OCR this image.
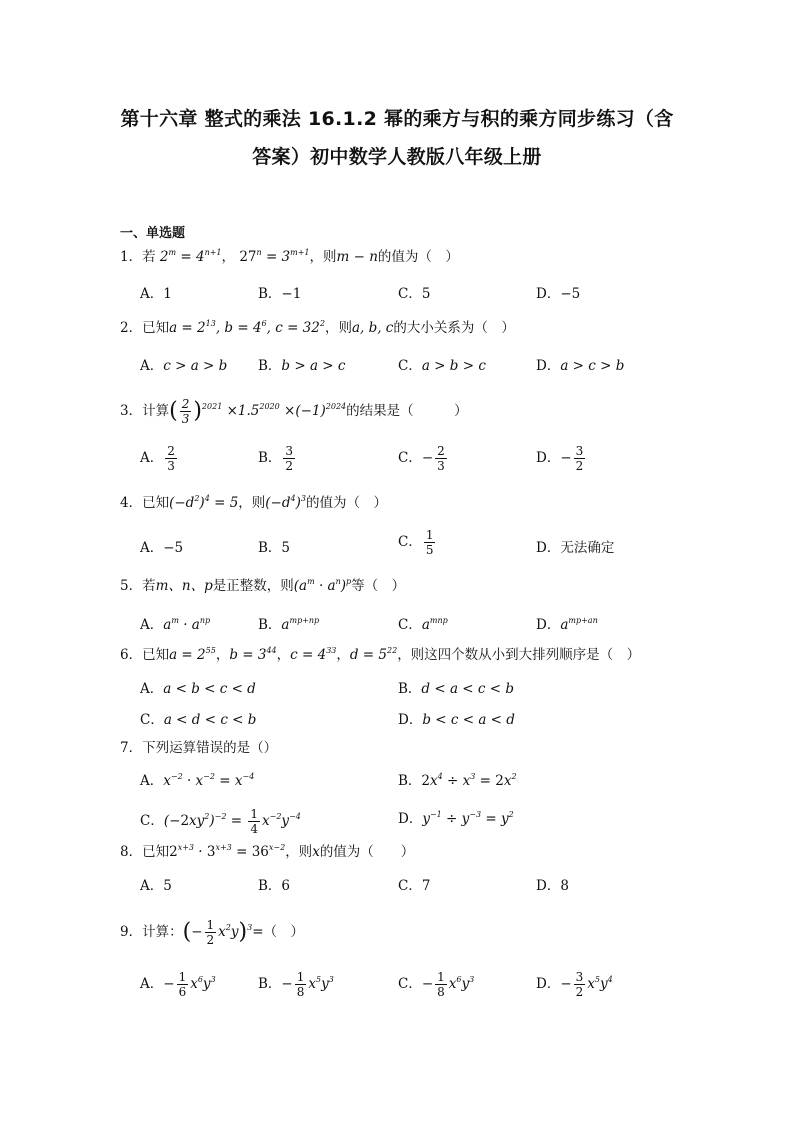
第十六章 整式的乘法 16.1.2 幂的乘方与积的乘方同步练习（含
答案）初中数学人教版八年级上册
一、单选题
1．若 $2^m = 4^{n+1}$， $27^n = 3^{m+1}$，则m − n的值为（　）
A．1	B．−1	C．5	D．−5
2．已知$a = 2^{13}$, $b = 4^6$, $c = 32^2$，则a, b, c的大小关系为（　）
A．c > a > b B．b > a > c	C．a > b > c	D．a > c > b
3．计算( $\frac{2}{3} )^{2021} \times 1.5^{2020} \times(-1)^{2024}$的结果是（　　　）
A． $\frac{2}{3}$	B． $\frac{3}{2}$	C．− $\frac{2}{3}$	D．− $\frac{3}{2}$
4．已知$(-d^2)^4 = 5$，则$(-d^4)^3$的值为（　）
A．−5	B．5	C． $\frac{1}{5}$	D．无法确定
5．若m、n、p是正整数，则$(a^m \cdot a^n)^p$等（　）
A．$a^m \cdot a^{np}$	B．$a^{mp+np}$	C．$a^{mnp}$	D．$a^{mp+an}$
6．已知$a = 2^{55}$，$b = 3^{44}$，$c = 4^{33}$，$d = 5^{22}$，则这四个数从小到大排列顺序是（　）
A．a < b < c < d	B．d < a < c < b
C．a < d < c < b	D．b < c < a < d
7．下列运算错误的是（）
A．$x^{-2} \cdot x^{-2} = x^{-4}$	B．$2x^4 \div x^3 = 2x^2$
C．$(-2xy^2)^{-2} = \frac{1}{4} x^{-2}y^{-4}$	D．$y^{-1} \div y^{-3} = y^2$
8．已知$2^{x+3} \cdot 3^{x+3} = 36^{x-2}$，则x的值为（　　）
A．5	B．6	C．7	D．8
9．计算：(− $\frac{1}{2} x^2y)^3=$（　）
A．− $\frac{1}{6} x^6y^3$	B．− $\frac{1}{8} x^5y^3$	C．− $\frac{1}{8} x^6y^3$	D．− $\frac{3}{2} x^5y^4$
